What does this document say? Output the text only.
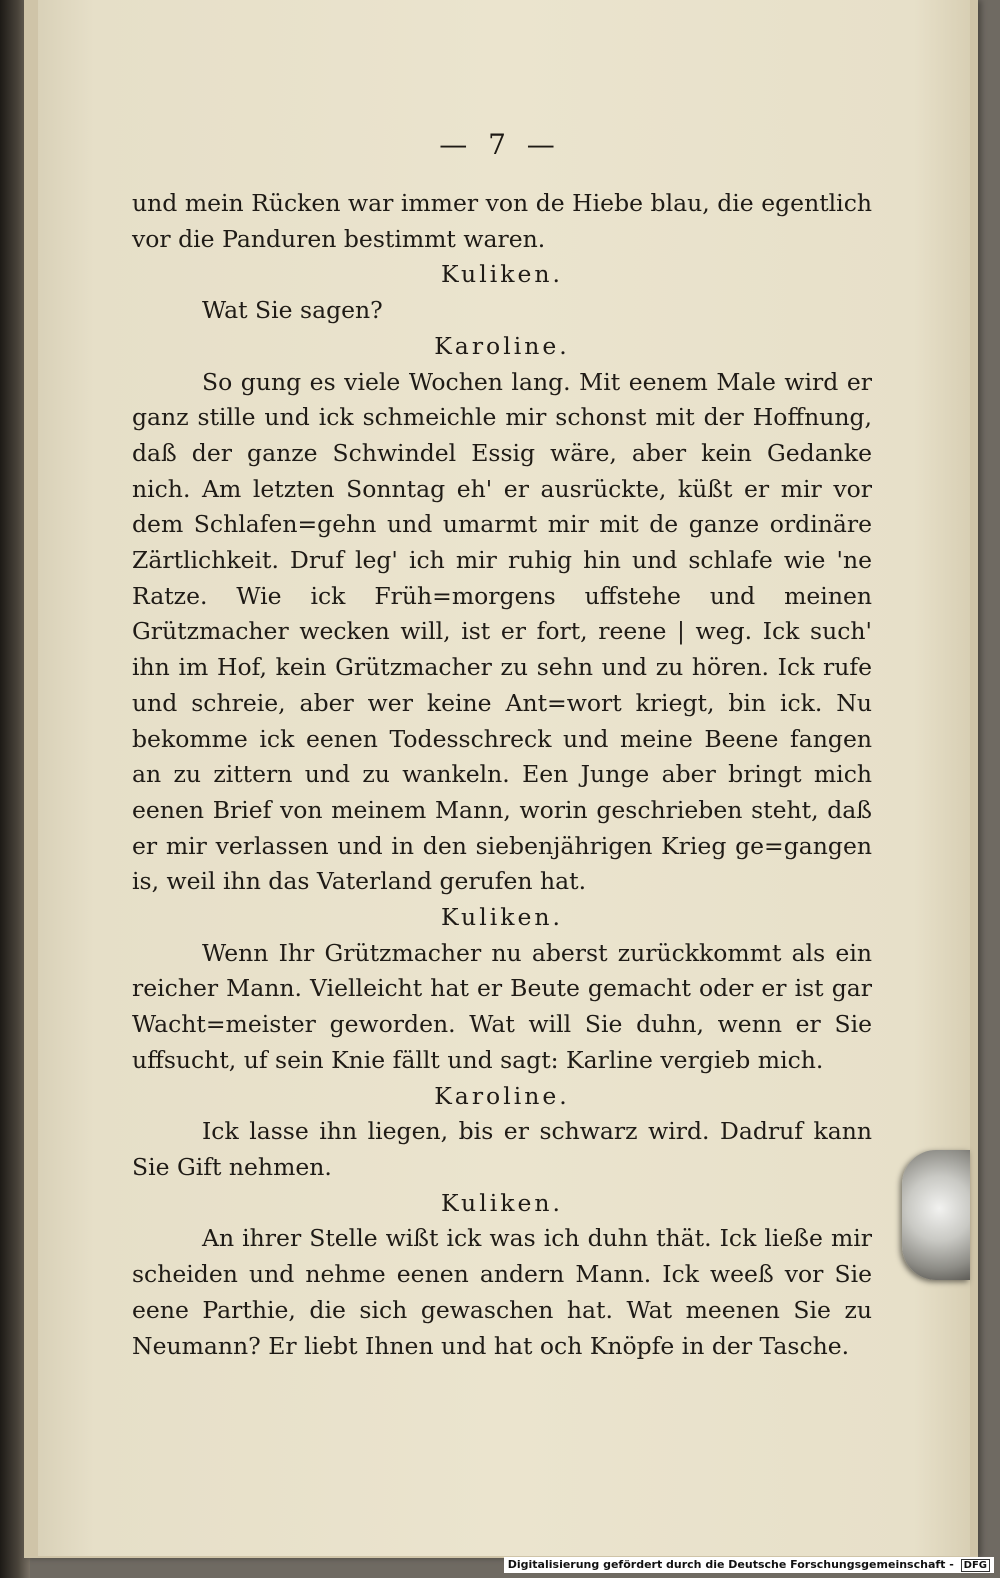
— 7 —

und mein Rücken war immer von de Hiebe blau, die egentlich vor die Panduren bestimmt waren.

Kuliken.

Wat Sie sagen?

Karoline.

So gung es viele Wochen lang. Mit eenem Male wird er ganz stille und ick schmeichle mir schonst mit der Hoffnung, daß der ganze Schwindel Essig wäre, aber kein Gedanke nich. Am letzten Sonntag eh' er ausrückte, küßt er mir vor dem Schlafen=gehn und umarmt mir mit de ganze ordinäre Zärtlichkeit. Druf leg' ich mir ruhig hin und schlafe wie 'ne Ratze. Wie ick Früh=morgens uffstehe und meinen Grützmacher wecken will, ist er fort, reene | weg. Ick such' ihn im Hof, kein Grützmacher zu sehn und zu hören. Ick rufe und schreie, aber wer keine Ant=wort kriegt, bin ick. Nu bekomme ick eenen Todesschreck und meine Beene fangen an zu zittern und zu wankeln. Een Junge aber bringt mich eenen Brief von meinem Mann, worin geschrieben steht, daß er mir verlassen und in den siebenjährigen Krieg ge=gangen is, weil ihn das Vaterland gerufen hat.

Kuliken.

Wenn Ihr Grützmacher nu aberst zurückkommt als ein reicher Mann. Vielleicht hat er Beute gemacht oder er ist gar Wacht=meister geworden. Wat will Sie duhn, wenn er Sie uffsucht, uf sein Knie fällt und sagt: Karline vergieb mich.

Karoline.

Ick lasse ihn liegen, bis er schwarz wird. Dadruf kann Sie Gift nehmen.

Kuliken.

An ihrer Stelle wißt ick was ich duhn thät. Ick ließe mir scheiden und nehme eenen andern Mann. Ick weeß vor Sie eene Parthie, die sich gewaschen hat. Wat meenen Sie zu Neumann? Er liebt Ihnen und hat och Knöpfe in der Tasche.

Digitalisierung gefördert durch die Deutsche Forschungsgemeinschaft - DFG
